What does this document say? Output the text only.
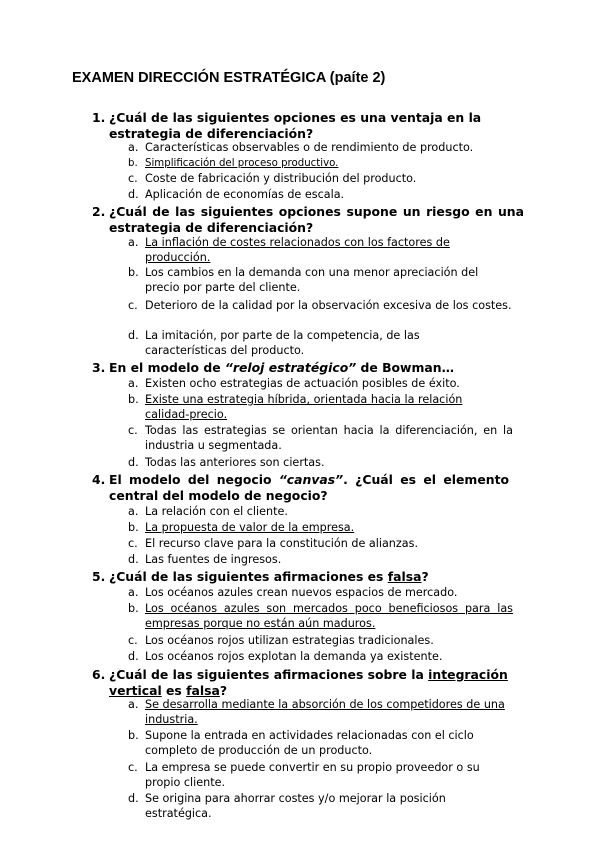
EXAMEN DIRECCIÓN ESTRATÉGICA (paíte 2)
1. ¿Cuál de las siguientes opciones es una ventaja en la estrategia de diferenciación?
a. Características observables o de rendimiento de producto.
b. Simplificación del proceso productivo.
c. Coste de fabricación y distribución del producto.
d. Aplicación de economías de escala.
2. ¿Cuál de las siguientes opciones supone un riesgo en una estrategia de diferenciación?
a. La inflación de costes relacionados con los factores de producción.
b. Los cambios en la demanda con una menor apreciación del precio por parte del cliente.
c. Deterioro de la calidad por la observación excesiva de los costes.
d. La imitación, por parte de la competencia, de las características del producto.
3. En el modelo de “reloj estratégico” de Bowman…
a. Existen ocho estrategias de actuación posibles de éxito.
b. Existe una estrategia híbrida, orientada hacia la relación calidad-precio.
c. Todas las estrategias se orientan hacia la diferenciación, en la industria u segmentada.
d. Todas las anteriores son ciertas.
4. El modelo del negocio “canvas”. ¿Cuál es el elemento central del modelo de negocio?
a. La relación con el cliente.
b. La propuesta de valor de la empresa.
c. El recurso clave para la constitución de alianzas.
d. Las fuentes de ingresos.
5. ¿Cuál de las siguientes afirmaciones es falsa?
a. Los océanos azules crean nuevos espacios de mercado.
b. Los océanos azules son mercados poco beneficiosos para las empresas porque no están aún maduros.
c. Los océanos rojos utilizan estrategias tradicionales.
d. Los océanos rojos explotan la demanda ya existente.
6. ¿Cuál de las siguientes afirmaciones sobre la integración vertical es falsa?
a. Se desarrolla mediante la absorción de los competidores de una industria.
b. Supone la entrada en actividades relacionadas con el ciclo completo de producción de un producto.
c. La empresa se puede convertir en su propio proveedor o su propio cliente.
d. Se origina para ahorrar costes y/o mejorar la posición estratégica.
